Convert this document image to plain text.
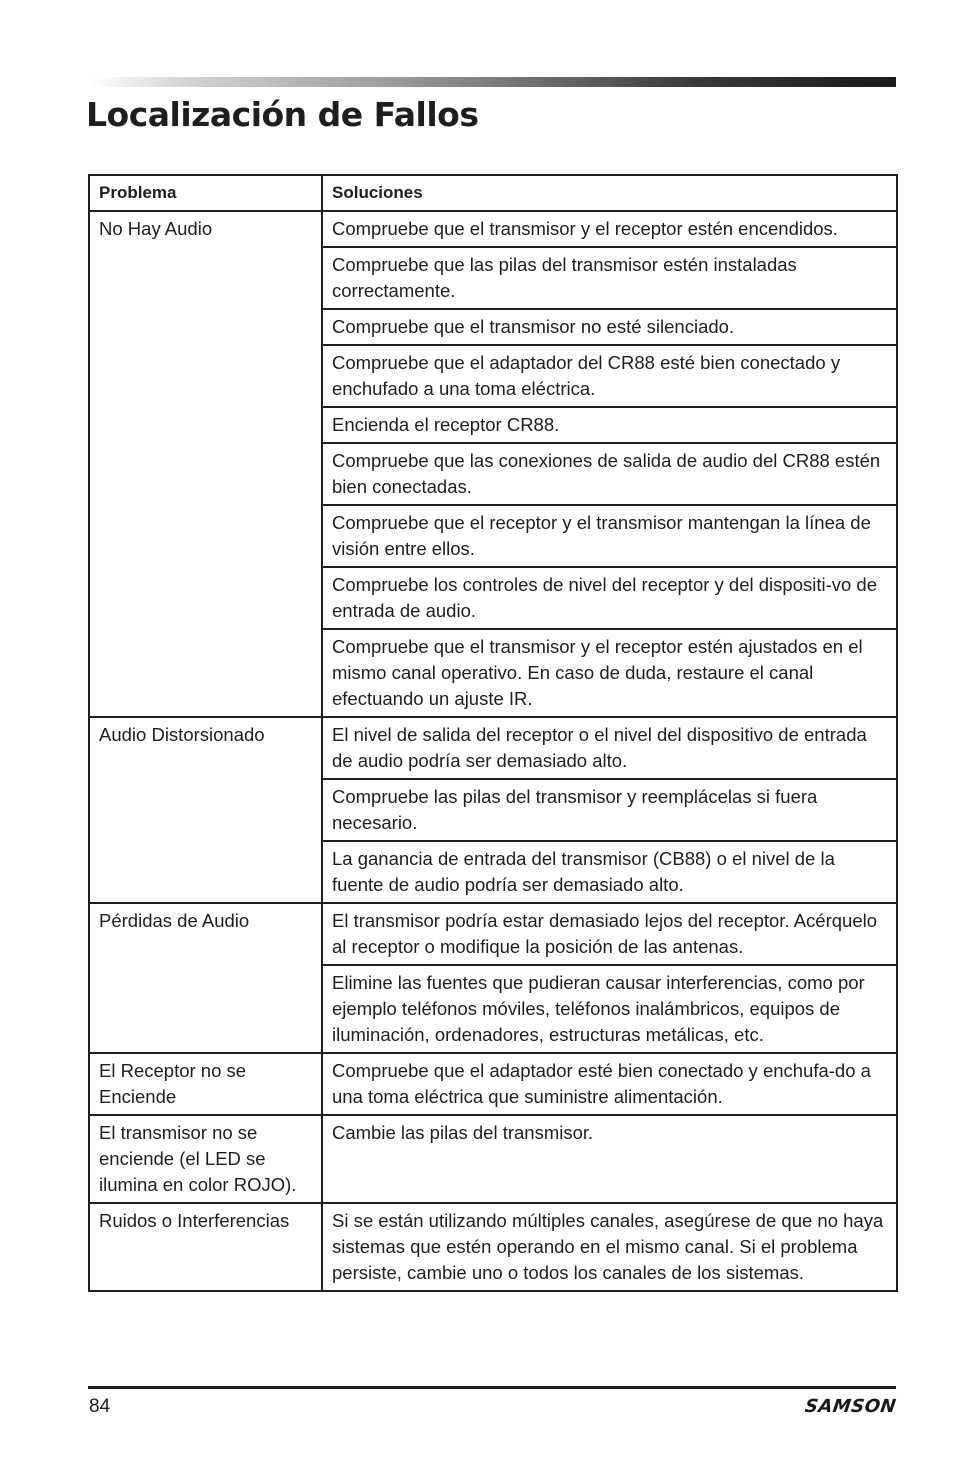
Localización de Fallos
Problema	Soluciones
No Hay Audio	Compruebe que el transmisor y el receptor estén encendidos.
	Compruebe que las pilas del transmisor estén instaladas correctamente.
	Compruebe que el transmisor no esté silenciado.
	Compruebe que el adaptador del CR88 esté bien conectado y enchufado a una toma eléctrica.
	Encienda el receptor CR88.
	Compruebe que las conexiones de salida de audio del CR88 estén bien conectadas.
	Compruebe que el receptor y el transmisor mantengan la línea de visión entre ellos.
	Compruebe los controles de nivel del receptor y del dispositi-vo de entrada de audio.
	Compruebe que el transmisor y el receptor estén ajustados en el mismo canal operativo. En caso de duda, restaure el canal efectuando un ajuste IR.
Audio Distorsionado	El nivel de salida del receptor o el nivel del dispositivo de entrada de audio podría ser demasiado alto.
	Compruebe las pilas del transmisor y reemplácelas si fuera necesario.
	La ganancia de entrada del transmisor (CB88) o el nivel de la fuente de audio podría ser demasiado alto.
Pérdidas de Audio	El transmisor podría estar demasiado lejos del receptor. Acérquelo al receptor o modifique la posición de las antenas.
	Elimine las fuentes que pudieran causar interferencias, como por ejemplo teléfonos móviles, teléfonos inalámbricos, equipos de iluminación, ordenadores, estructuras metálicas, etc.
El Receptor no se Enciende	Compruebe que el adaptador esté bien conectado y enchufa-do a una toma eléctrica que suministre alimentación.
El transmisor no se enciende (el LED se ilumina en color ROJO).	Cambie las pilas del transmisor.
Ruidos o Interferencias	Si se están utilizando múltiples canales, asegúrese de que no haya sistemas que estén operando en el mismo canal. Si el problema persiste, cambie uno o todos los canales de los sistemas.
84	SAMSON
